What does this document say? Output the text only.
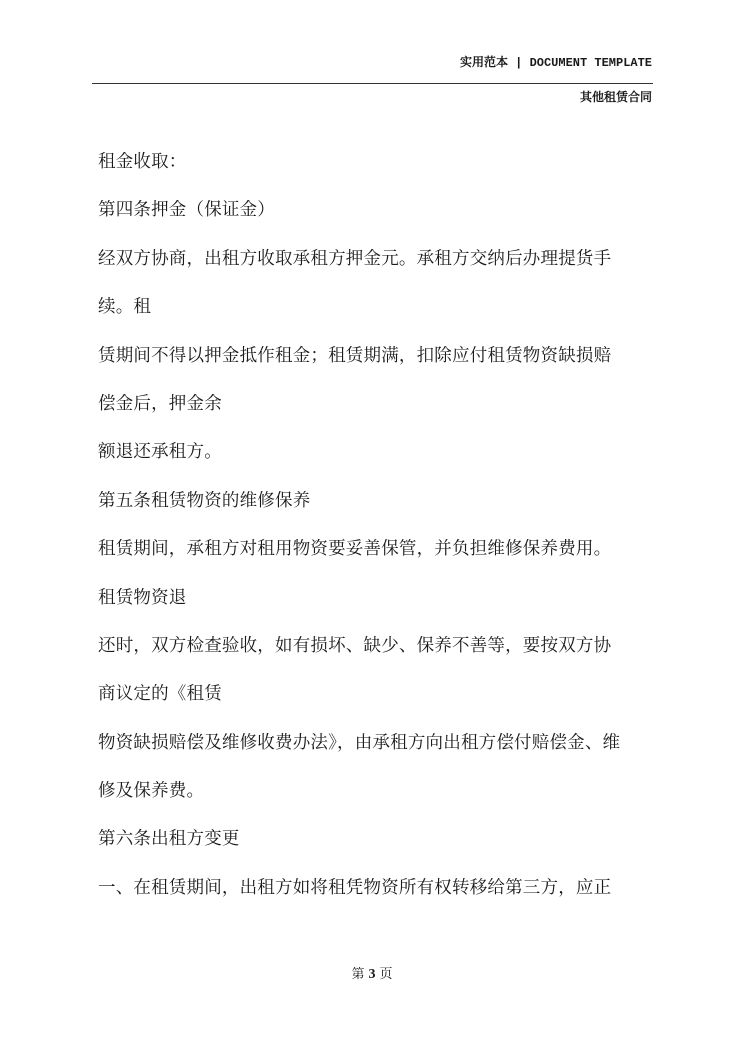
实用范本 | DOCUMENT TEMPLATE
其他租赁合同
租金收取：
第四条押金（保证金）
经双方协商，出租方收取承租方押金元。承租方交纳后办理提货手
续。租
赁期间不得以押金抵作租金；租赁期满，扣除应付租赁物资缺损赔
偿金后，押金余
额退还承租方。
第五条租赁物资的维修保养
租赁期间，承租方对租用物资要妥善保管，并负担维修保养费用。
租赁物资退
还时，双方检查验收，如有损坏、缺少、保养不善等，要按双方协
商议定的《租赁
物资缺损赔偿及维修收费办法》，由承租方向出租方偿付赔偿金、维
修及保养费。
第六条出租方变更
一、在租赁期间，出租方如将租凭物资所有权转移给第三方，应正
第 3 页
